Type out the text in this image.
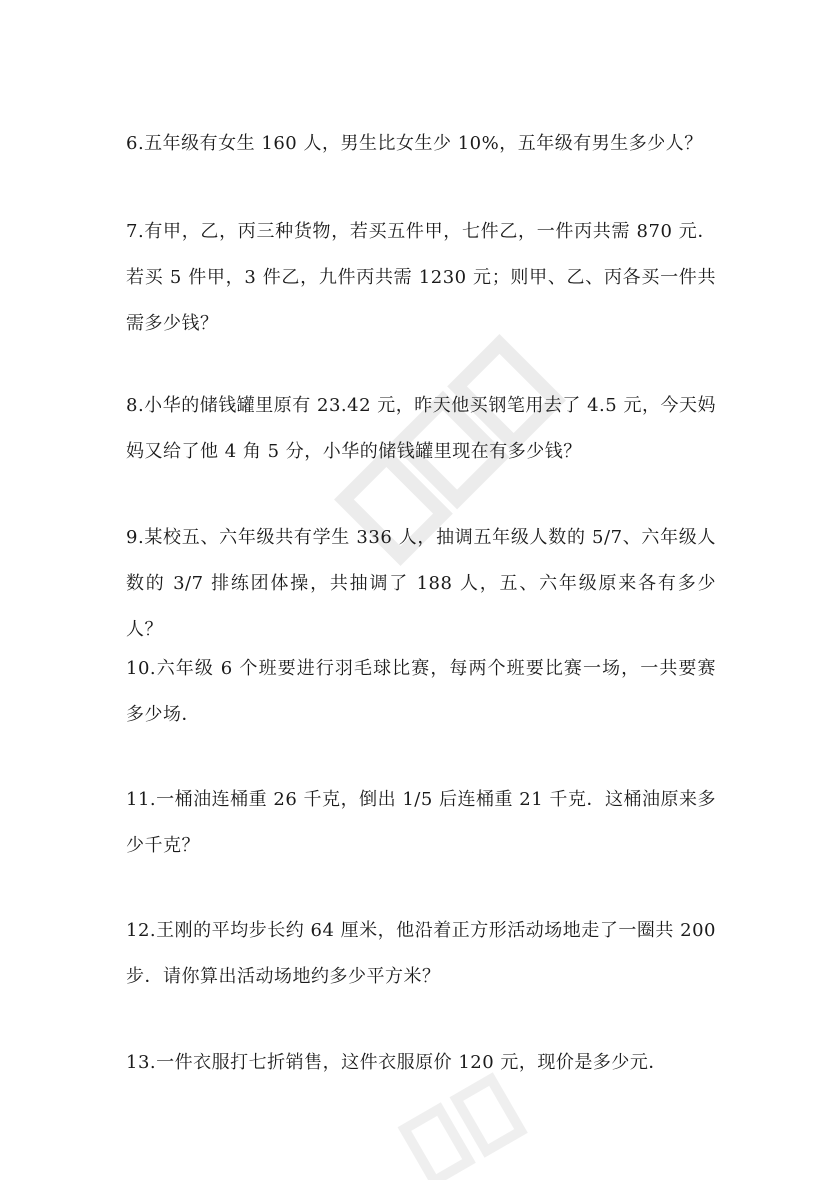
6.五年级有女生 160 人，男生比女生少 10%，五年级有男生多少人？

7.有甲，乙，丙三种货物，若买五件甲，七件乙，一件丙共需 870 元．若买 5 件甲，3 件乙，九件丙共需 1230 元；则甲、乙、丙各买一件共需多少钱？

8.小华的储钱罐里原有 23.42 元，昨天他买钢笔用去了 4.5 元，今天妈妈又给了他 4 角 5 分，小华的储钱罐里现在有多少钱？

9.某校五、六年级共有学生 336 人，抽调五年级人数的 5/7、六年级人数的 3/7 排练团体操，共抽调了 188 人，五、六年级原来各有多少人？

10.六年级 6 个班要进行羽毛球比赛，每两个班要比赛一场，一共要赛多少场．

11.一桶油连桶重 26 千克，倒出 1/5 后连桶重 21 千克．这桶油原来多少千克？

12.王刚的平均步长约 64 厘米，他沿着正方形活动场地走了一圈共 200 步．请你算出活动场地约多少平方米？

13.一件衣服打七折销售，这件衣服原价 120 元，现价是多少元．
